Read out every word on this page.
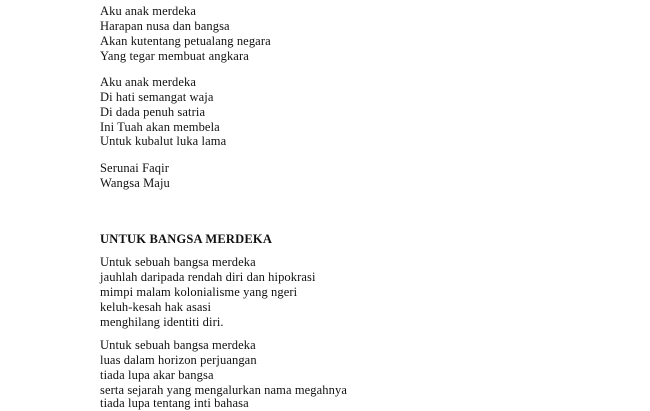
Aku anak merdeka
Harapan nusa dan bangsa
Akan kutentang petualang negara
Yang tegar membuat angkara
Aku anak merdeka
Di hati semangat waja
Di dada penuh satria
Ini Tuah akan membela
Untuk kubalut luka lama
Serunai Faqir
Wangsa Maju
UNTUK BANGSA MERDEKA
Untuk sebuah bangsa merdeka
jauhlah daripada rendah diri dan hipokrasi
mimpi malam kolonialisme yang ngeri
keluh-kesah hak asasi
menghilang identiti diri.
Untuk sebuah bangsa merdeka
luas dalam horizon perjuangan
tiada lupa akar bangsa
serta sejarah yang mengalurkan nama megahnya
tiada lupa tentang inti bahasa
